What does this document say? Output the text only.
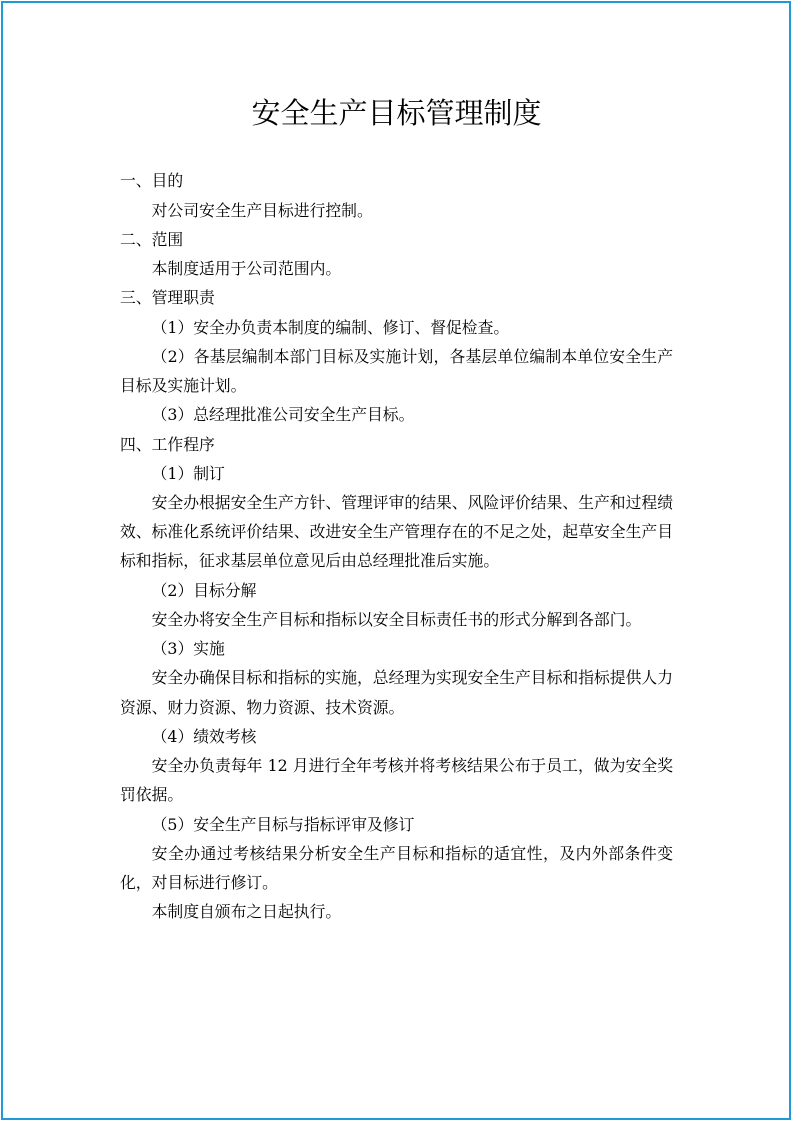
安全生产目标管理制度
一、目的
对公司安全生产目标进行控制。
二、范围
本制度适用于公司范围内。
三、管理职责
（1）安全办负责本制度的编制、修订、督促检查。
（2）各基层编制本部门目标及实施计划，各基层单位编制本单位安全生产
目标及实施计划。
（3）总经理批准公司安全生产目标。
四、工作程序
（1）制订
安全办根据安全生产方针、管理评审的结果、风险评价结果、生产和过程绩
效、标准化系统评价结果、改进安全生产管理存在的不足之处，起草安全生产目
标和指标，征求基层单位意见后由总经理批准后实施。
（2）目标分解
安全办将安全生产目标和指标以安全目标责任书的形式分解到各部门。
（3）实施
安全办确保目标和指标的实施，总经理为实现安全生产目标和指标提供人力
资源、财力资源、物力资源、技术资源。
（4）绩效考核
安全办负责每年 12 月进行全年考核并将考核结果公布于员工，做为安全奖
罚依据。
（5）安全生产目标与指标评审及修订
安全办通过考核结果分析安全生产目标和指标的适宜性，及内外部条件变
化，对目标进行修订。
本制度自颁布之日起执行。
